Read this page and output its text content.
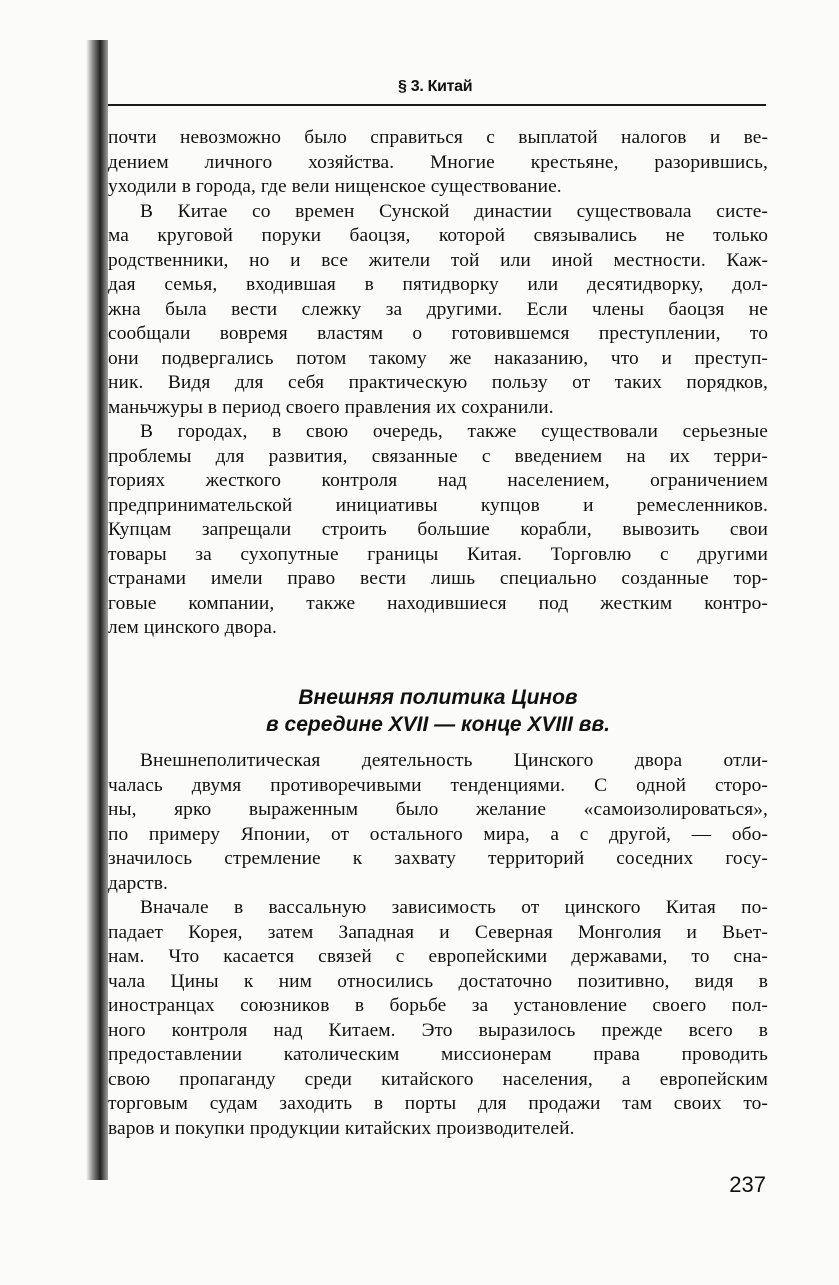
§ 3. Китай
почти невозможно было справиться с выплатой налогов и ве-
дением личного хозяйства. Многие крестьяне, разорившись,
уходили в города, где вели нищенское существование.
В Китае со времен Сунской династии существовала систе-
ма круговой поруки баоцзя, которой связывались не только
родственники, но и все жители той или иной местности. Каж-
дая семья, входившая в пятидворку или десятидворку, дол-
жна была вести слежку за другими. Если члены баоцзя не
сообщали вовремя властям о готовившемся преступлении, то
они подвергались потом такому же наказанию, что и преступ-
ник. Видя для себя практическую пользу от таких порядков,
маньчжуры в период своего правления их сохранили.
В городах, в свою очередь, также существовали серьезные
проблемы для развития, связанные с введением на их терри-
ториях жесткого контроля над населением, ограничением
предпринимательской инициативы купцов и ремесленников.
Купцам запрещали строить большие корабли, вывозить свои
товары за сухопутные границы Китая. Торговлю с другими
странами имели право вести лишь специально созданные тор-
говые компании, также находившиеся под жестким контро-
лем цинского двора.
Внешняя политика Цинов
в середине XVII — конце XVIII вв.
Внешнеполитическая деятельность Цинского двора отли-
чалась двумя противоречивыми тенденциями. С одной сторо-
ны, ярко выраженным было желание «самоизолироваться»,
по примеру Японии, от остального мира, а с другой, — обо-
значилось стремление к захвату территорий соседних госу-
дарств.
Вначале в вассальную зависимость от цинского Китая по-
падает Корея, затем Западная и Северная Монголия и Вьет-
нам. Что касается связей с европейскими державами, то сна-
чала Цины к ним относились достаточно позитивно, видя в
иностранцах союзников в борьбе за установление своего пол-
ного контроля над Китаем. Это выразилось прежде всего в
предоставлении католическим миссионерам права проводить
свою пропаганду среди китайского населения, а европейским
торговым судам заходить в порты для продажи там своих то-
варов и покупки продукции китайских производителей.
237
